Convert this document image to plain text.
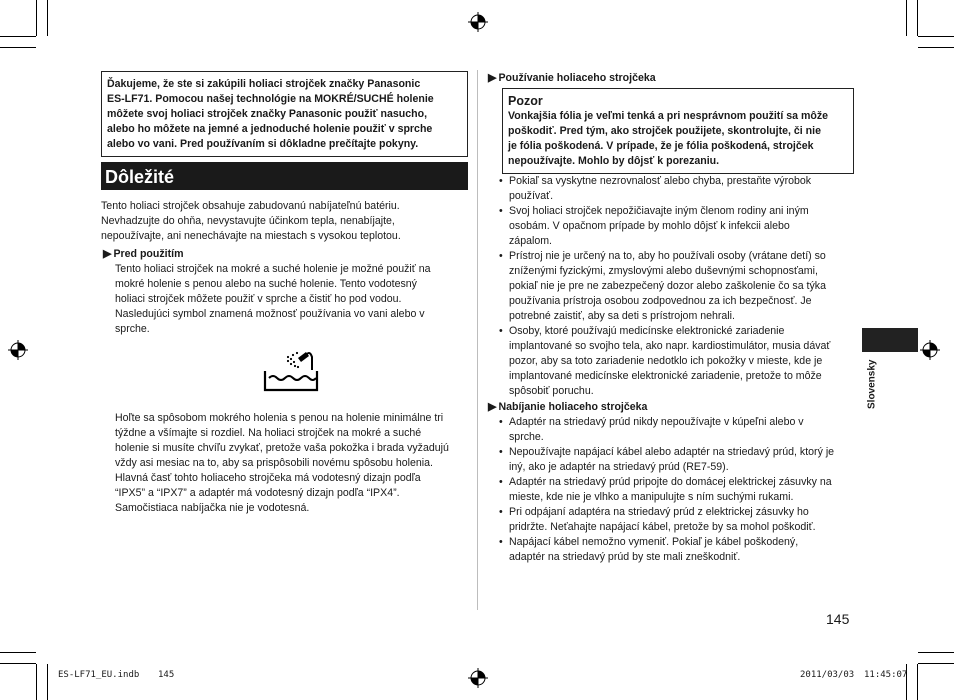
Ďakujeme, že ste si zakúpili holiaci strojček značky Panasonic
ES-LF71. Pomocou našej technológie na MOKRÉ/SUCHÉ holenie
môžete svoj holiaci strojček značky Panasonic použiť nasucho,
alebo ho môžete na jemné a jednoduché holenie použiť v sprche
alebo vo vani. Pred používaním si dôkladne prečítajte pokyny.
Dôležité
Tento holiaci strojček obsahuje zabudovanú nabíjateľnú batériu.
Nevhadzujte do ohňa, nevystavujte účinkom tepla, nenabíjajte,
nepoužívajte, ani nenechávajte na miestach s vysokou teplotou.
▶ Pred použitím
Tento holiaci strojček na mokré a suché holenie je možné použiť na
mokré holenie s penou alebo na suché holenie. Tento vodotesný
holiaci strojček môžete použiť v sprche a čistiť ho pod vodou.
Nasledujúci symbol znamená možnosť používania vo vani alebo v
sprche.
Hoľte sa spôsobom mokrého holenia s penou na holenie minimálne tri
týždne a všímajte si rozdiel. Na holiaci strojček na mokré a suché
holenie si musíte chvíľu zvykať, pretože vaša pokožka i brada vyžadujú
vždy asi mesiac na to, aby sa prispôsobili novému spôsobu holenia.
Hlavná časť tohto holiaceho strojčeka má vodotesný dizajn podľa
“IPX5” a “IPX7” a adaptér má vodotesný dizajn podľa “IPX4”.
Samočistiaca nabíjačka nie je vodotesná.
▶ Používanie holiaceho strojčeka
Pozor
Vonkajšia fólia je veľmi tenká a pri nesprávnom použití sa môže
poškodiť. Pred tým, ako strojček použijete, skontrolujte, či nie
je fólia poškodená. V prípade, že je fólia poškodená, strojček
nepoužívajte. Mohlo by dôjsť k porezaniu.
• Pokiaľ sa vyskytne nezrovnalosť alebo chyba, prestaňte výrobok
používať.
• Svoj holiaci strojček nepožičiavajte iným členom rodiny ani iným
osobám. V opačnom prípade by mohlo dôjsť k infekcii alebo
zápalom.
• Prístroj nie je určený na to, aby ho používali osoby (vrátane detí) so
zníženými fyzickými, zmyslovými alebo duševnými schopnosťami,
pokiaľ nie je pre ne zabezpečený dozor alebo zaškolenie čo sa týka
používania prístroja osobou zodpovednou za ich bezpečnosť. Je
potrebné zaistiť, aby sa deti s prístrojom nehrali.
• Osoby, ktoré používajú medicínske elektronické zariadenie
implantované so svojho tela, ako napr. kardiostimulátor, musia dávať
pozor, aby sa toto zariadenie nedotklo ich pokožky v mieste, kde je
implantované medicínske elektronické zariadenie, pretože to môže
spôsobiť poruchu.
▶ Nabíjanie holiaceho strojčeka
• Adaptér na striedavý prúd nikdy nepoužívajte v kúpeľni alebo v
sprche.
• Nepoužívajte napájací kábel alebo adaptér na striedavý prúd, ktorý je
iný, ako je adaptér na striedavý prúd (RE7-59).
• Adaptér na striedavý prúd pripojte do domácej elektrickej zásuvky na
mieste, kde nie je vlhko a manipulujte s ním suchými rukami.
• Pri odpájaní adaptéra na striedavý prúd z elektrickej zásuvky ho
pridržte. Neťahajte napájací kábel, pretože by sa mohol poškodiť.
• Napájací kábel nemožno vymeniť. Pokiaľ je kábel poškodený,
adaptér na striedavý prúd by ste mali zneškodniť.
Slovensky
145
ES-LF71_EU.indb 145	2011/03/03 11:45:07
